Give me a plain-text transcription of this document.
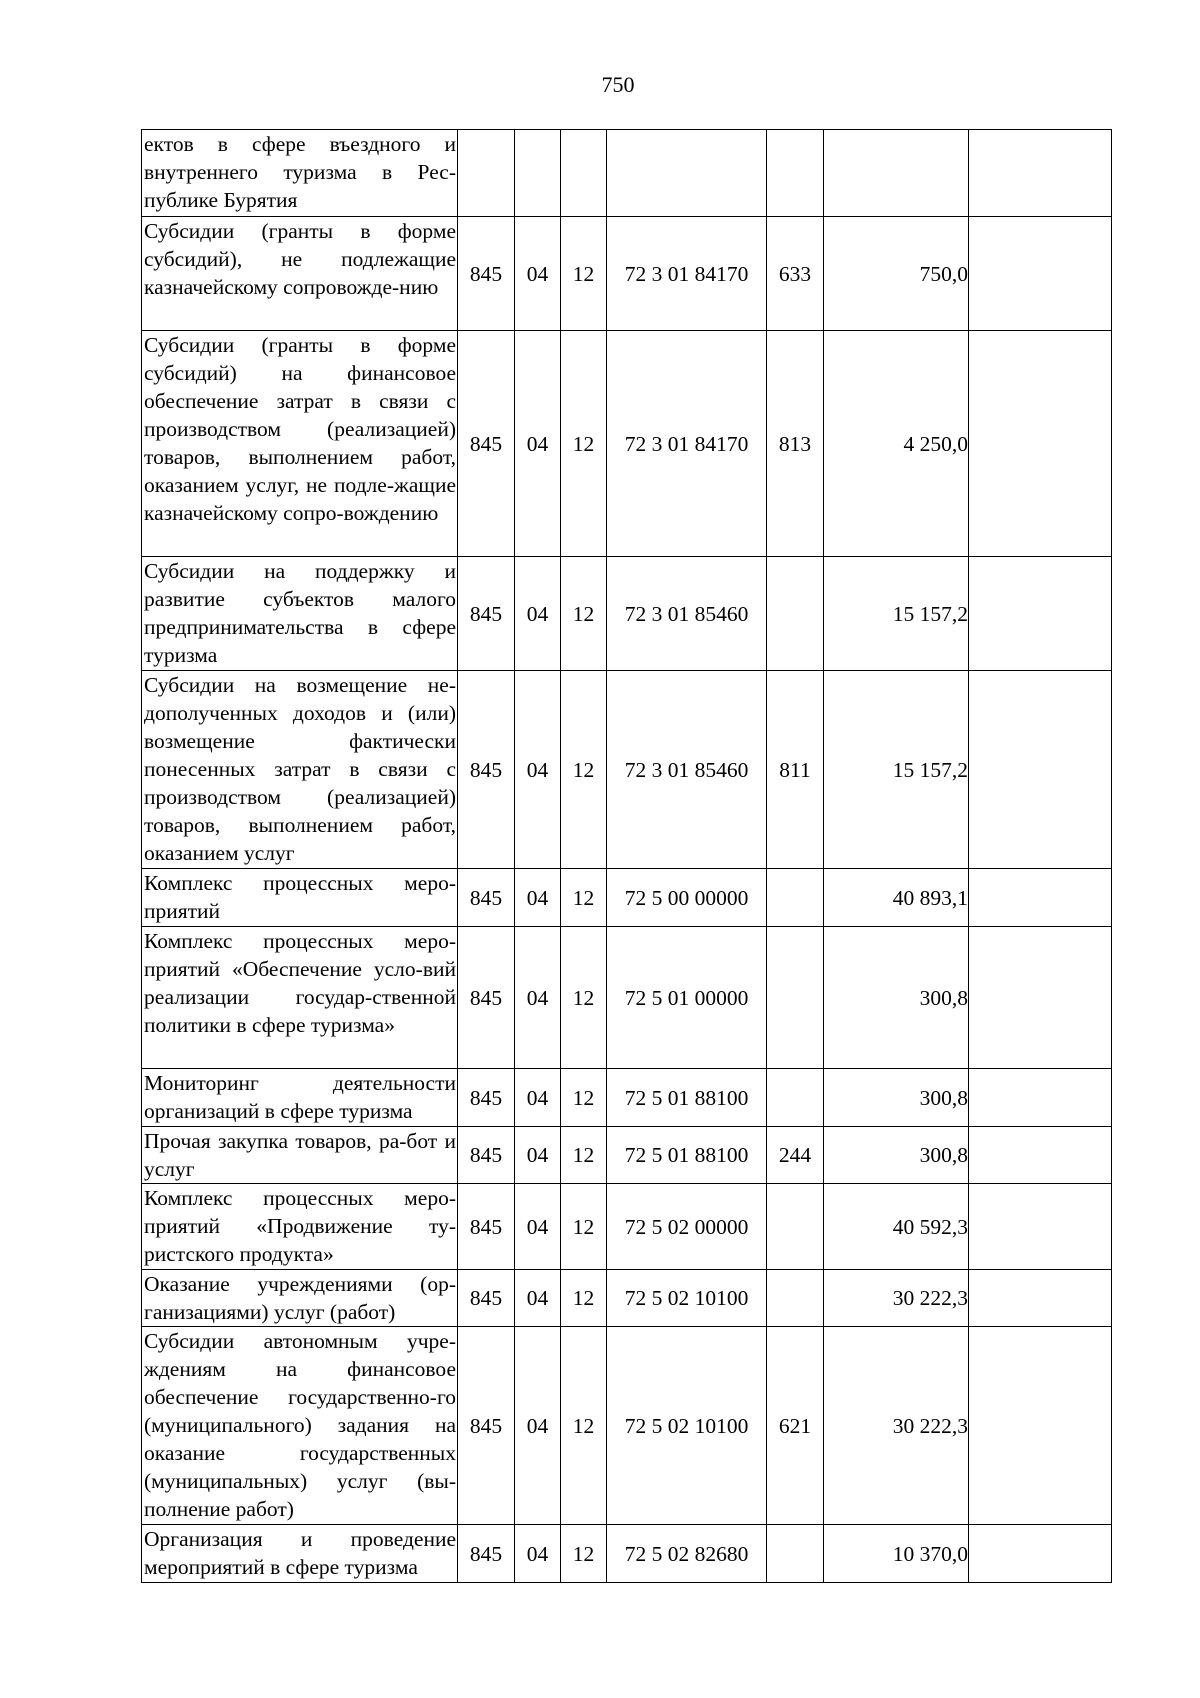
750
ектов в сфере въездного и внутреннего туризма в Рес-публике Бурятия							
Субсидии (гранты в форме субсидий), не подлежащие казначейскому сопровожде-нию	845	04	12	72 3 01 84170	633	750,0	
Субсидии (гранты в форме субсидий) на финансовое обеспечение затрат в связи с производством (реализацией) товаров, выполнением работ, оказанием услуг, не подле-жащие казначейскому сопро-вождению	845	04	12	72 3 01 84170	813	4 250,0	
Субсидии на поддержку и развитие субъектов малого предпринимательства в сфере туризма	845	04	12	72 3 01 85460		15 157,2	
Субсидии на возмещение не-дополученных доходов и (или) возмещение фактически понесенных затрат в связи с производством (реализацией) товаров, выполнением работ, оказанием услуг	845	04	12	72 3 01 85460	811	15 157,2	
Комплекс процессных меро-приятий	845	04	12	72 5 00 00000		40 893,1	
Комплекс процессных меро-приятий «Обеспечение усло-вий реализации государ-ственной политики в сфере туризма»	845	04	12	72 5 01 00000		300,8	
Мониторинг деятельности организаций в сфере туризма	845	04	12	72 5 01 88100		300,8	
Прочая закупка товаров, ра-бот и услуг	845	04	12	72 5 01 88100	244	300,8	
Комплекс процессных меро-приятий «Продвижение ту-ристского продукта»	845	04	12	72 5 02 00000		40 592,3	
Оказание учреждениями (ор-ганизациями) услуг (работ)	845	04	12	72 5 02 10100		30 222,3	
Субсидии автономным учре-ждениям на финансовое обеспечение государственно-го (муниципального) задания на оказание государственных (муниципальных) услуг (вы-полнение работ)	845	04	12	72 5 02 10100	621	30 222,3	
Организация и проведение мероприятий в сфере туризма	845	04	12	72 5 02 82680		10 370,0	
